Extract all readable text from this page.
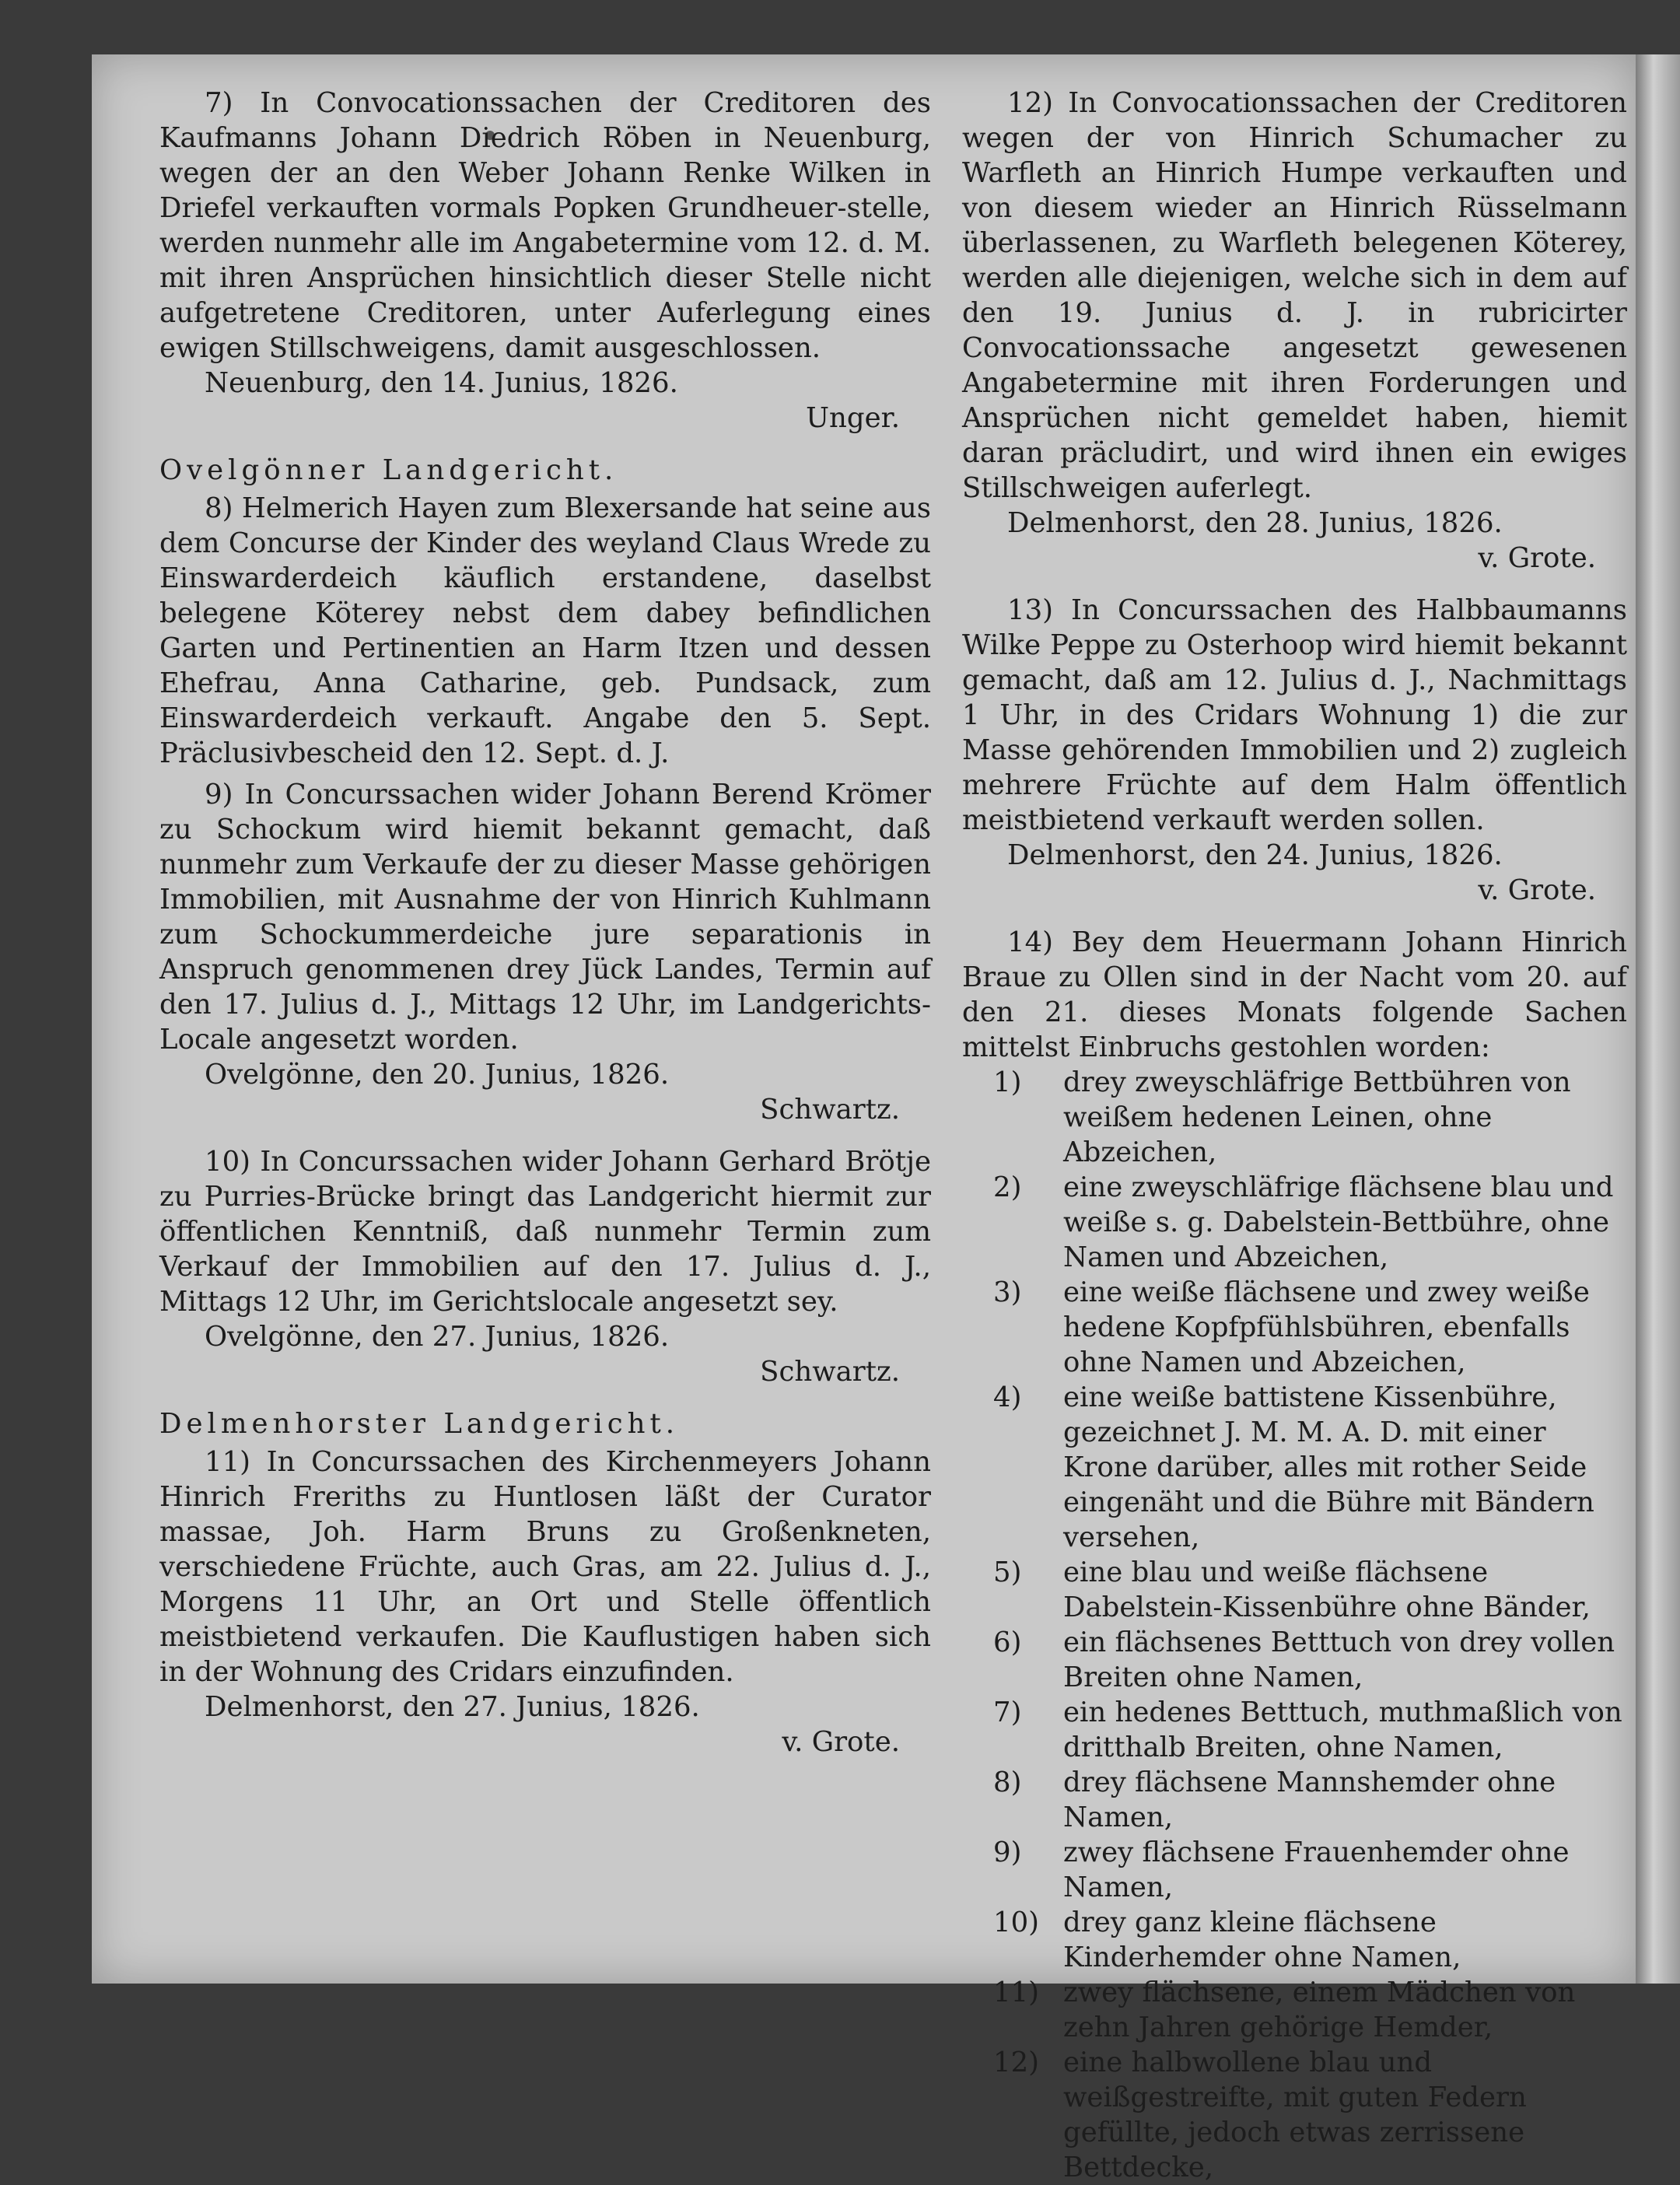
7) In Convocationssachen der Creditoren des Kaufmanns Johann Diedrich Röben in Neuenburg, wegen der an den Weber Johann Renke Wilken in Driefel verkauften vormals Popken Grundheuer-stelle, werden nunmehr alle im Angabetermine vom 12. d. M. mit ihren Ansprüchen hinsichtlich dieser Stelle nicht aufgetretene Creditoren, unter Auferlegung eines ewigen Stillschweigens, damit ausgeschlossen.

Neuenburg, den 14. Junius, 1826.

Unger.

Ovelgönner Landgericht.

8) Helmerich Hayen zum Blexersande hat seine aus dem Concurse der Kinder des weyland Claus Wrede zu Einswarderdeich käuflich erstandene, daselbst belegene Köterey nebst dem dabey befindlichen Garten und Pertinentien an Harm Itzen und dessen Ehefrau, Anna Catharine, geb. Pundsack, zum Einswarderdeich verkauft. Angabe den 5. Sept. Präclusivbescheid den 12. Sept. d. J.

9) In Concurssachen wider Johann Berend Krömer zu Schockum wird hiemit bekannt gemacht, daß nunmehr zum Verkaufe der zu dieser Masse gehörigen Immobilien, mit Ausnahme der von Hinrich Kuhlmann zum Schockummerdeiche jure separationis in Anspruch genommenen drey Jück Landes, Termin auf den 17. Julius d. J., Mittags 12 Uhr, im Landgerichts-Locale angesetzt worden.

Ovelgönne, den 20. Junius, 1826.

Schwartz.

10) In Concurssachen wider Johann Gerhard Brötje zu Purries-Brücke bringt das Landgericht hiermit zur öffentlichen Kenntniß, daß nunmehr Termin zum Verkauf der Immobilien auf den 17. Julius d. J., Mittags 12 Uhr, im Gerichtslocale angesetzt sey.

Ovelgönne, den 27. Junius, 1826.

Schwartz.

Delmenhorster Landgericht.

11) In Concurssachen des Kirchenmeyers Johann Hinrich Freriths zu Huntlosen läßt der Curator massae, Joh. Harm Bruns zu Großenkneten, verschiedene Früchte, auch Gras, am 22. Julius d. J., Morgens 11 Uhr, an Ort und Stelle öffentlich meistbietend verkaufen. Die Kauflustigen haben sich in der Wohnung des Cridars einzufinden.

Delmenhorst, den 27. Junius, 1826.

v. Grote.

12) In Convocationssachen der Creditoren wegen der von Hinrich Schumacher zu Warfleth an Hinrich Humpe verkauften und von diesem wieder an Hinrich Rüsselmann überlassenen, zu Warfleth belegenen Köterey, werden alle diejenigen, welche sich in dem auf den 19. Junius d. J. in rubricirter Convocationssache angesetzt gewesenen Angabetermine mit ihren Forderungen und Ansprüchen nicht gemeldet haben, hiemit daran präcludirt, und wird ihnen ein ewiges Stillschweigen auferlegt.

Delmenhorst, den 28. Junius, 1826.

v. Grote.

13) In Concurssachen des Halbbaumanns Wilke Peppe zu Osterhoop wird hiemit bekannt gemacht, daß am 12. Julius d. J., Nachmittags 1 Uhr, in des Cridars Wohnung 1) die zur Masse gehörenden Immobilien und 2) zugleich mehrere Früchte auf dem Halm öffentlich meistbietend verkauft werden sollen.

Delmenhorst, den 24. Junius, 1826.

v. Grote.

14) Bey dem Heuermann Johann Hinrich Braue zu Ollen sind in der Nacht vom 20. auf den 21. dieses Monats folgende Sachen mittelst Einbruchs gestohlen worden:

1)	drey zweyschläfrige Bettbühren von weißem hedenen Leinen, ohne Abzeichen,
2)	eine zweyschläfrige flächsene blau und weiße s. g. Dabelstein-Bettbühre, ohne Namen und Abzeichen,
3)	eine weiße flächsene und zwey weiße hedene Kopfpfühlsbühren, ebenfalls ohne Namen und Abzeichen,
4)	eine weiße battistene Kissenbühre, gezeichnet J. M. M. A. D. mit einer Krone darüber, alles mit rother Seide eingenäht und die Bühre mit Bändern versehen,
5)	eine blau und weiße flächsene Dabelstein-Kissenbühre ohne Bänder,
6)	ein flächsenes Betttuch von drey vollen Breiten ohne Namen,
7)	ein hedenes Betttuch, muthmaßlich von dritthalb Breiten, ohne Namen,
8)	drey flächsene Mannshemder ohne Namen,
9)	zwey flächsene Frauenhemder ohne Namen,
10) drey ganz kleine flächsene Kinderhemder ohne Namen,
11) zwey flächsene, einem Mädchen von zehn Jahren gehörige Hemder,
12) eine halbwollene blau und weißgestreifte, mit guten Federn gefüllte, jedoch etwas zerrissene Bettdecke,
